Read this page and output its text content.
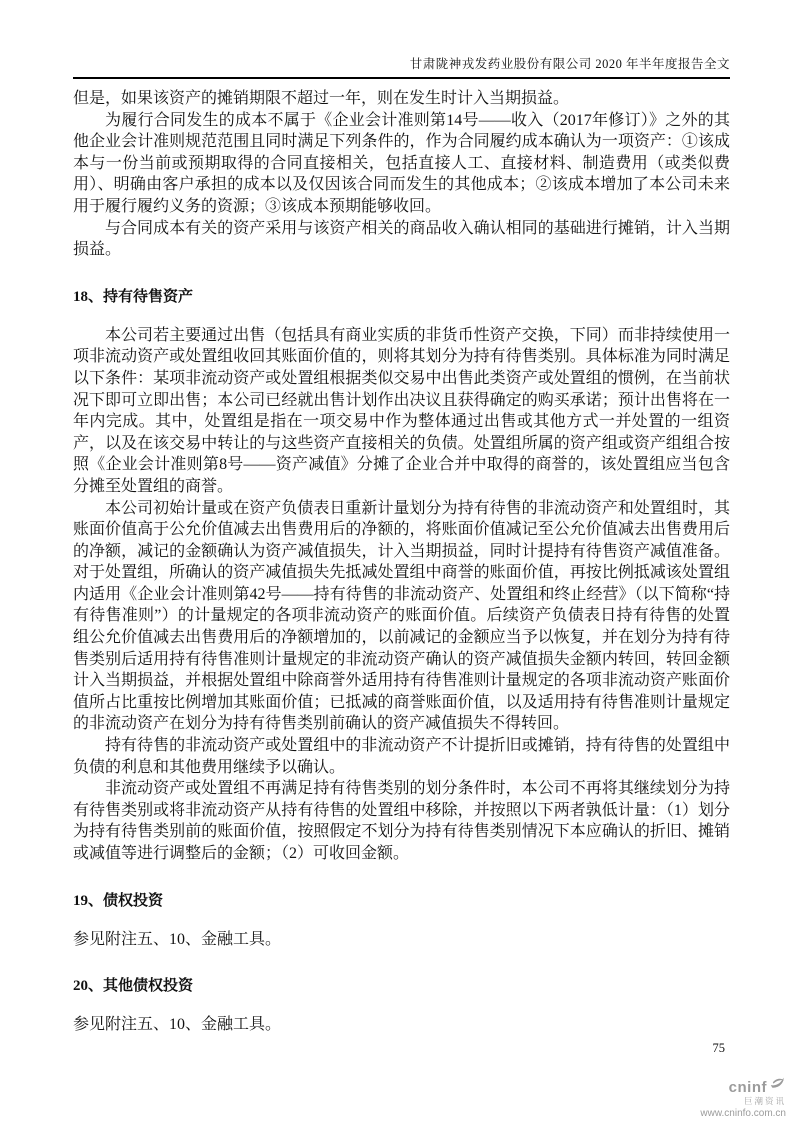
甘肃陇神戎发药业股份有限公司 2020 年半年度报告全文

但是，如果该资产的摊销期限不超过一年，则在发生时计入当期损益。

为履行合同发生的成本不属于《企业会计准则第14号——收入（2017年修订）》之外的其他企业会计准则规范范围且同时满足下列条件的，作为合同履约成本确认为一项资产：①该成本与一份当前或预期取得的合同直接相关，包括直接人工、直接材料、制造费用（或类似费用）、明确由客户承担的成本以及仅因该合同而发生的其他成本；②该成本增加了本公司未来用于履行履约义务的资源；③该成本预期能够收回。

与合同成本有关的资产采用与该资产相关的商品收入确认相同的基础进行摊销，计入当期损益。

18、持有待售资产

本公司若主要通过出售（包括具有商业实质的非货币性资产交换，下同）而非持续使用一项非流动资产或处置组收回其账面价值的，则将其划分为持有待售类别。具体标准为同时满足以下条件：某项非流动资产或处置组根据类似交易中出售此类资产或处置组的惯例，在当前状况下即可立即出售；本公司已经就出售计划作出决议且获得确定的购买承诺；预计出售将在一年内完成。其中，处置组是指在一项交易中作为整体通过出售或其他方式一并处置的一组资产，以及在该交易中转让的与这些资产直接相关的负债。处置组所属的资产组或资产组组合按照《企业会计准则第8号——资产减值》分摊了企业合并中取得的商誉的，该处置组应当包含分摊至处置组的商誉。

本公司初始计量或在资产负债表日重新计量划分为持有待售的非流动资产和处置组时，其账面价值高于公允价值减去出售费用后的净额的，将账面价值减记至公允价值减去出售费用后的净额，减记的金额确认为资产减值损失，计入当期损益，同时计提持有待售资产减值准备。对于处置组，所确认的资产减值损失先抵减处置组中商誉的账面价值，再按比例抵减该处置组内适用《企业会计准则第42号——持有待售的非流动资产、处置组和终止经营》（以下简称“持有待售准则”）的计量规定的各项非流动资产的账面价值。后续资产负债表日持有待售的处置组公允价值减去出售费用后的净额增加的，以前减记的金额应当予以恢复，并在划分为持有待售类别后适用持有待售准则计量规定的非流动资产确认的资产减值损失金额内转回，转回金额计入当期损益，并根据处置组中除商誉外适用持有待售准则计量规定的各项非流动资产账面价值所占比重按比例增加其账面价值；已抵减的商誉账面价值，以及适用持有待售准则计量规定的非流动资产在划分为持有待售类别前确认的资产减值损失不得转回。

持有待售的非流动资产或处置组中的非流动资产不计提折旧或摊销，持有待售的处置组中负债的利息和其他费用继续予以确认。

非流动资产或处置组不再满足持有待售类别的划分条件时，本公司不再将其继续划分为持有待售类别或将非流动资产从持有待售的处置组中移除，并按照以下两者孰低计量：（1）划分为持有待售类别前的账面价值，按照假定不划分为持有待售类别情况下本应确认的折旧、摊销或减值等进行调整后的金额；（2）可收回金额。

19、债权投资

参见附注五、10、金融工具。

20、其他债权投资

参见附注五、10、金融工具。

75
cninf
巨潮资讯
www.cninfo.com.cn
